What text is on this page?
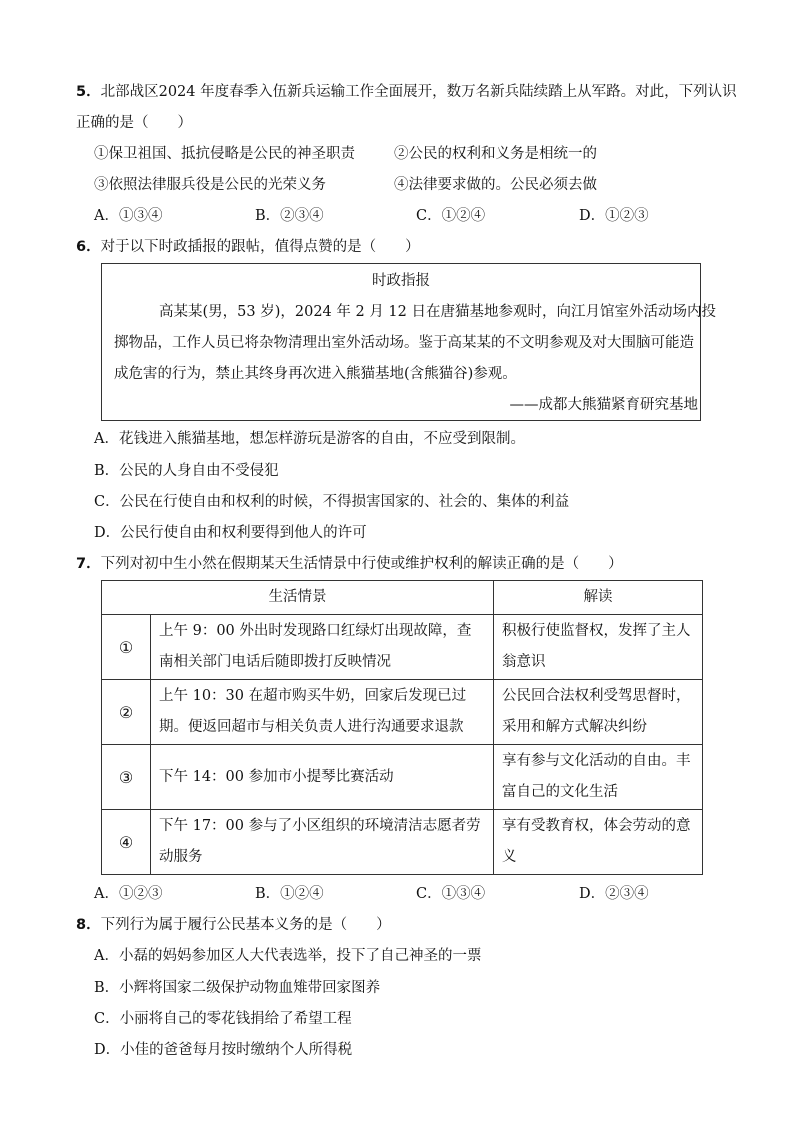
5．北部战区2024 年度春季入伍新兵运输工作全面展开，数万名新兵陆续踏上从军路。对此，下列认识
正确的是（　　）
①保卫祖国、抵抗侵略是公民的神圣职责	②公民的权利和义务是相统一的
③依照法律服兵役是公民的光荣义务	④法律要求做的。公民必须去做
A．①③④	B．②③④	C．①②④	D．①②③
6．对于以下时政插报的跟帖，值得点赞的是（　　）
时政指报
高某某(男，53 岁)，2024 年 2 月 12 日在唐猫基地参观时，向江月馆室外活动场内投
掷物品，工作人员已将杂物清理出室外活动场。鉴于高某某的不文明参观及对大围脑可能造
成危害的行为，禁止其终身再次进入熊猫基地(含熊猫谷)参观。
——成都大熊猫紧育研究基地
A．花钱进入熊猫基地，想怎样游玩是游客的自由，不应受到限制。
B．公民的人身自由不受侵犯
C．公民在行使自由和权利的时候，不得损害国家的、社会的、集体的利益
D．公民行使自由和权利要得到他人的许可
7．下列对初中生小然在假期某天生活情景中行使或维护权利的解读正确的是（　　）
生活情景		解读
①	上午 9：00 外出时发现路口红绿灯出现故障，查南相关部门电话后随即拨打反映情况	积极行使监督权，发挥了主人翁意识
②	上午 10：30 在超市购买牛奶，回家后发现已过期。便返回超市与相关负责人进行沟通要求退款	公民回合法权利受驾思督时，采用和解方式解决纠纷
③	下午 14：00 参加市小提琴比赛活动	享有参与文化活动的自由。丰富自己的文化生活
④	下午 17：00 参与了小区组织的环境清洁志愿者劳动服务	享有受教育权，体会劳动的意义
A．①②③	B．①②④	C．①③④	D．②③④
8．下列行为属于履行公民基本义务的是（　　）
A．小磊的妈妈参加区人大代表选举，投下了自己神圣的一票
B．小辉将国家二级保护动物血雉带回家图养
C．小丽将自己的零花钱捐给了希望工程
D．小佳的爸爸每月按时缴纳个人所得税
